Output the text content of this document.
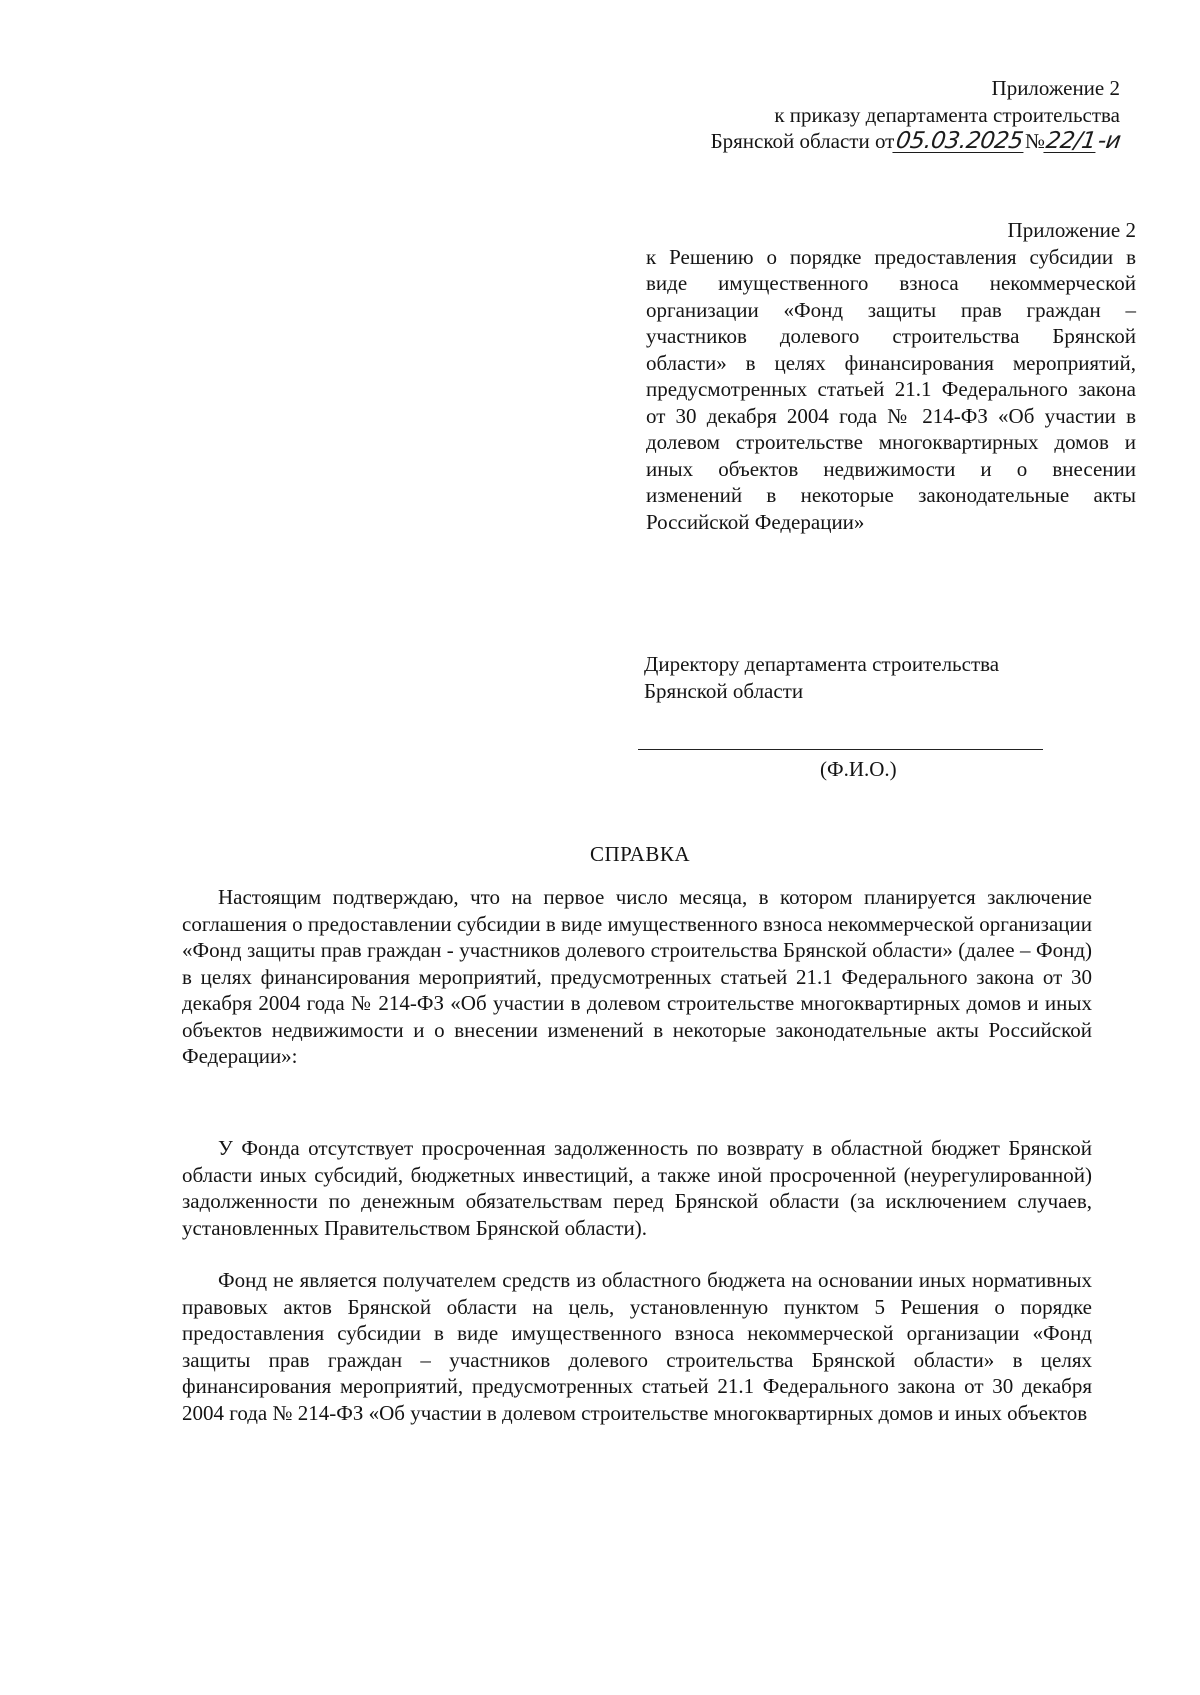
Приложение 2
к приказу департамента строительства
Брянской области от05.03.2025№22/1-и
Приложение 2
к Решению о порядке предоставления субсидии в виде имущественного взноса некоммерческой организации «Фонд защиты прав граждан – участников долевого строительства Брянской области» в целях финансирования мероприятий, предусмотренных статьей 21.1 Федерального закона от 30 декабря 2004 года № 214-ФЗ «Об участии в долевом строительстве многоквартирных домов и иных объектов недвижимости и о внесении изменений в некоторые законодательные акты Российской Федерации»
Директору департамента строительства
Брянской области
(Ф.И.О.)
СПРАВКА
Настоящим подтверждаю, что на первое число месяца, в котором планируется заключение соглашения о предоставлении субсидии в виде имущественного взноса некоммерческой организации «Фонд защиты прав граждан - участников долевого строительства Брянской области» (далее – Фонд) в целях финансирования мероприятий, предусмотренных статьей 21.1 Федерального закона от 30 декабря 2004 года № 214-ФЗ «Об участии в долевом строительстве многоквартирных домов и иных объектов недвижимости и о внесении изменений в некоторые законодательные акты Российской Федерации»:
У Фонда отсутствует просроченная задолженность по возврату в областной бюджет Брянской области иных субсидий, бюджетных инвестиций, а также иной просроченной (неурегулированной) задолженности по денежным обязательствам перед Брянской области (за исключением случаев, установленных Правительством Брянской области).
Фонд не является получателем средств из областного бюджета на основании иных нормативных правовых актов Брянской области на цель, установленную пунктом 5 Решения о порядке предоставления субсидии в виде имущественного взноса некоммерческой организации «Фонд защиты прав граждан – участников долевого строительства Брянской области» в целях финансирования мероприятий, предусмотренных статьей 21.1 Федерального закона от 30 декабря 2004 года № 214-ФЗ «Об участии в долевом строительстве многоквартирных домов и иных объектов
